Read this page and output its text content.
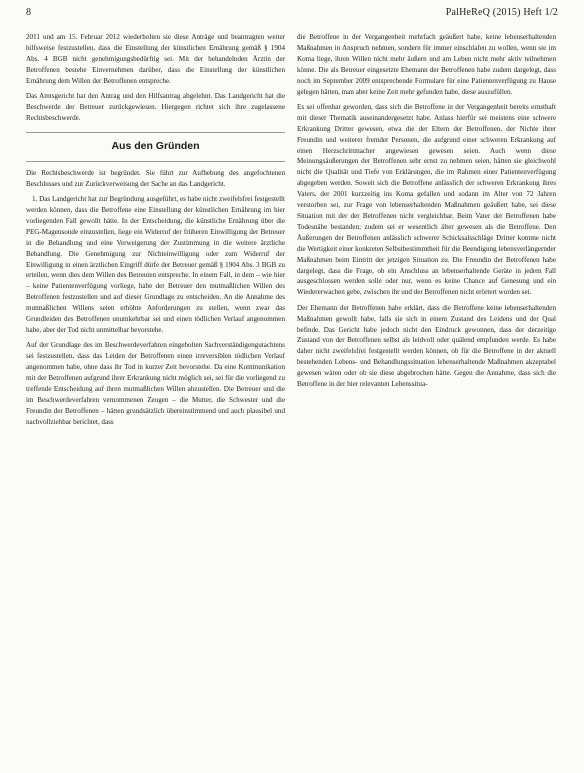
8	PalHeReQ (2015) Heft 1/2

2011 und am 15. Februar 2012 wiederholten sie diese Anträge und beantragten weiter hilfsweise festzustellen, dass die Einstellung der künstlichen Ernährung gemäß § 1904 Abs. 4 BGB nicht genehmigungsbedürftig sei. Mit der behandelnden Ärztin der Betroffenen bestehe Einvernehmen darüber, dass die Einstellung der künstlichen Ernährung dem Willen der Betroffenen entspreche.

Das Amtsgericht hat den Antrag und den Hilfsantrag abgelehnt. Das Landgericht hat die Beschwerde der Betreuer zurückgewiesen. Hiergegen richtet sich ihre zugelassene Rechtsbeschwerde.

Aus den Gründen

Die Rechtsbeschwerde ist begründet. Sie führt zur Aufhebung des angefochtenen Beschlusses und zur Zurückverweisung der Sache an das Landgericht.

1. Das Landgericht hat zur Begründung ausgeführt, es habe nicht zweifelsfrei festgestellt werden können, dass die Betroffene eine Einstellung der künstlichen Ernährung im hier vorliegenden Fall gewollt hätte. In der Entscheidung, die künstliche Ernährung über die PEG-Magensonde einzustellen, liege ein Widerruf der früheren Einwilligung der Betreuer in die Behandlung und eine Verweigerung der Zustimmung in die weitere ärztliche Behandlung. Die Genehmigung zur Nichteinwilligung oder zum Widerruf der Einwilligung in einen ärztlichen Eingriff dürfe der Betreuer gemäß § 1904 Abs. 3 BGB zu erteilen, wenn dies dem Willen des Betreuten entspreche. In einem Fall, in dem – wie hier – keine Patientenverfügung vorliege, habe der Betreuer den mutmaßlichen Willen des Betroffenen festzustellen und auf dieser Grundlage zu entscheiden. An die Annahme des mutmaßlichen Willens seien erhöhte Anforderungen zu stellen, wenn zwar das Grundleiden des Betroffenen unumkehrbar sei und einen tödlichen Verlauf angenommen habe, aber der Tod nicht unmittelbar bevorstehe.

Auf der Grundlage des im Beschwerdeverfahren eingeholten Sachverständigengutachtens sei festzustellen, dass das Leiden der Betroffenen einen irreversiblen tödlichen Verlauf angenommen habe, ohne dass ihr Tod in kurzer Zeit bevorstehe. Da eine Kommunikation mit der Betroffenen aufgrund ihrer Erkrankung nicht möglich sei, sei für die vorliegend zu treffende Entscheidung auf ihren mutmaßlichen Willen abzustellen. Die Betreuer und die im Beschwerdeverfahren vernommenen Zeugen – die Mutter, die Schwester und die Freundin der Betroffenen – hätten grundsätzlich übereinstimmend und auch plausibel und nachvollziehbar berichtet, dass

die Betroffene in der Vergangenheit mehrfach geäußert habe, keine lebenserhaltenden Maßnahmen in Anspruch nehmen, sondern für immer einschlafen zu wollen, wenn sie im Koma liege, ihren Willen nicht mehr äußern und am Leben nicht mehr aktiv teilnehmen könne. Die als Betreuer eingesetzte Ehemann der Betroffenen habe zudem dargelegt, dass noch im September 2009 entsprechende Formulare für eine Patientenverfügung zu Hause gelegen hätten, man aber keine Zeit mehr gefunden habe, diese auszufüllen.

Es sei offenbar geworden, dass sich die Betroffene in der Vergangenheit bereits ernsthaft mit dieser Thematik auseinandergesetzt habe. Anlass hierfür sei meistens eine schwere Erkrankung Dritter gewesen, etwa die der Eltern der Betroffenen, der Nichte ihrer Freundin und weiterer fremder Personen, die aufgrund einer schweren Erkrankung auf einen Herzschrittmacher angewiesen gewesen seien. Auch wenn diese Meinungsäußerungen der Betroffenen sehr ernst zu nehmen seien, hätten sie gleichwohl nicht die Qualität und Tiefe von Erklärungen, die im Rahmen einer Patientenverfügung abgegeben werden. Soweit sich die Betroffene anlässlich der schweren Erkrankung ihres Vaters, der 2001 kurzzeitig ins Koma gefallen und sodann im Alter von 72 Jahren verstorben sei, zur Frage von lebenserhaltenden Maßnahmen geäußert habe, sei diese Situation mit der der Betroffenen nicht vergleichbar. Beim Vater der Betroffenen habe Todesnähe bestanden; zudem sei er wesentlich älter gewesen als die Betroffene. Den Äußerungen der Betroffenen anlässlich schwerer Schicksalsschläge Dritter komme nicht die Wertigkeit einer konkreten Selbstbestimmtheit für die Beendigung lebensverlängernder Maßnahmen beim Eintritt der jetzigen Situation zu. Die Freundin der Betroffenen habe dargelegt, dass die Frage, ob ein Anschluss an lebenserhaltende Geräte in jedem Fall ausgeschlossen werden solle oder nur, wenn es keine Chance auf Genesung und ein Wiedererwachen gebe, zwischen ihr und der Betroffenen nicht erörtert worden sei.

Der Ehemann der Betroffenen habe erklärt, dass die Betroffene keine lebenserhaltenden Maßnahmen gewollt habe, falls sie sich in einem Zustand des Leidens und der Qual befinde. Das Gericht habe jedoch nicht den Eindruck gewonnen, dass der derzeitige Zustand von der Betroffenen selbst als leidvoll oder quälend empfunden werde. Es habe daher nicht zweifelsfrei festgestellt werden können, ob für die Betroffene in der aktuell bestehenden Lebens- und Behandlungssituation lebenserhaltende Maßnahmen akzeptabel gewesen wären oder ob sie diese abgebrochen hätte. Gegen die Annahme, dass sich die Betroffene in der hier relevanten Lebenssitua-
